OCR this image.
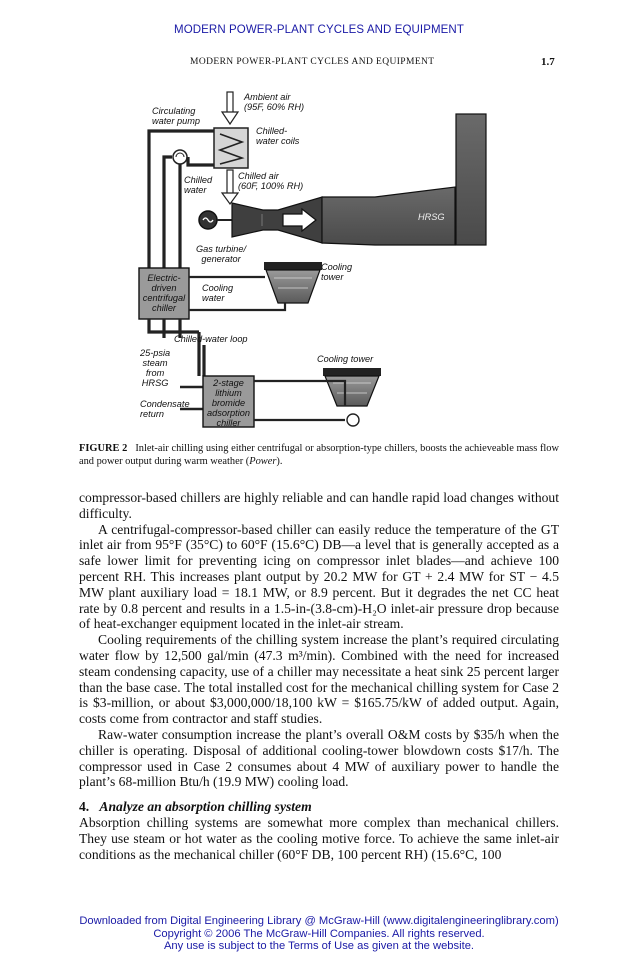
MODERN POWER-PLANT CYCLES AND EQUIPMENT
MODERN POWER-PLANT CYCLES AND EQUIPMENT	1.7
Ambient air
(95F, 60% RH)
Circulating
water pump
Chilled-
water coils
Chilled
water
Chilled air
(60F, 100% RH)
HRSG
Gas turbine/
generator
Cooling
tower
Electric-
driven
centrifugal
chiller
Cooling
water
Chilled-water loop
25-psia
steam
from
HRSG
Cooling tower
2-stage
lithium
bromide
adsorption
chiller
Condensate
return
FIGURE 2 Inlet-air chilling using either centrifugal or absorption-type chillers, boosts the achieveable mass flow and power output during warm weather (Power).

compressor-based chillers are highly reliable and can handle rapid load changes without difficulty.

A centrifugal-compressor-based chiller can easily reduce the temperature of the GT inlet air from 95°F (35°C) to 60°F (15.6°C) DB—a level that is generally accepted as a safe lower limit for preventing icing on compressor inlet blades—and achieve 100 percent RH. This increases plant output by 20.2 MW for GT + 2.4 MW for ST − 4.5 MW plant auxiliary load = 18.1 MW, or 8.9 percent. But it degrades the net CC heat rate by 0.8 percent and results in a 1.5-in-(3.8-cm)-H₂O inlet-air pressure drop because of heat-exchanger equipment located in the inlet-air stream.

Cooling requirements of the chilling system increase the plant’s required circulating water flow by 12,500 gal/min (47.3 m³/min). Combined with the need for increased steam condensing capacity, use of a chiller may necessitate a heat sink 25 percent larger than the base case. The total installed cost for the mechanical chilling system for Case 2 is $3-million, or about $3,000,000/18,100 kW = $165.75/kW of added output. Again, costs come from contractor and staff studies.

Raw-water consumption increase the plant’s overall O&M costs by $35/h when the chiller is operating. Disposal of additional cooling-tower blowdown costs $17/h. The compressor used in Case 2 consumes about 4 MW of auxiliary power to handle the plant’s 68-million Btu/h (19.9 MW) cooling load.

4. Analyze an absorption chilling system

Absorption chilling systems are somewhat more complex than mechanical chillers. They use steam or hot water as the cooling motive force. To achieve the same inlet-air conditions as the mechanical chiller (60°F DB, 100 percent RH) (15.6°C, 100

Downloaded from Digital Engineering Library @ McGraw-Hill (www.digitalengineeringlibrary.com)
Copyright © 2006 The McGraw-Hill Companies. All rights reserved.
Any use is subject to the Terms of Use as given at the website.
